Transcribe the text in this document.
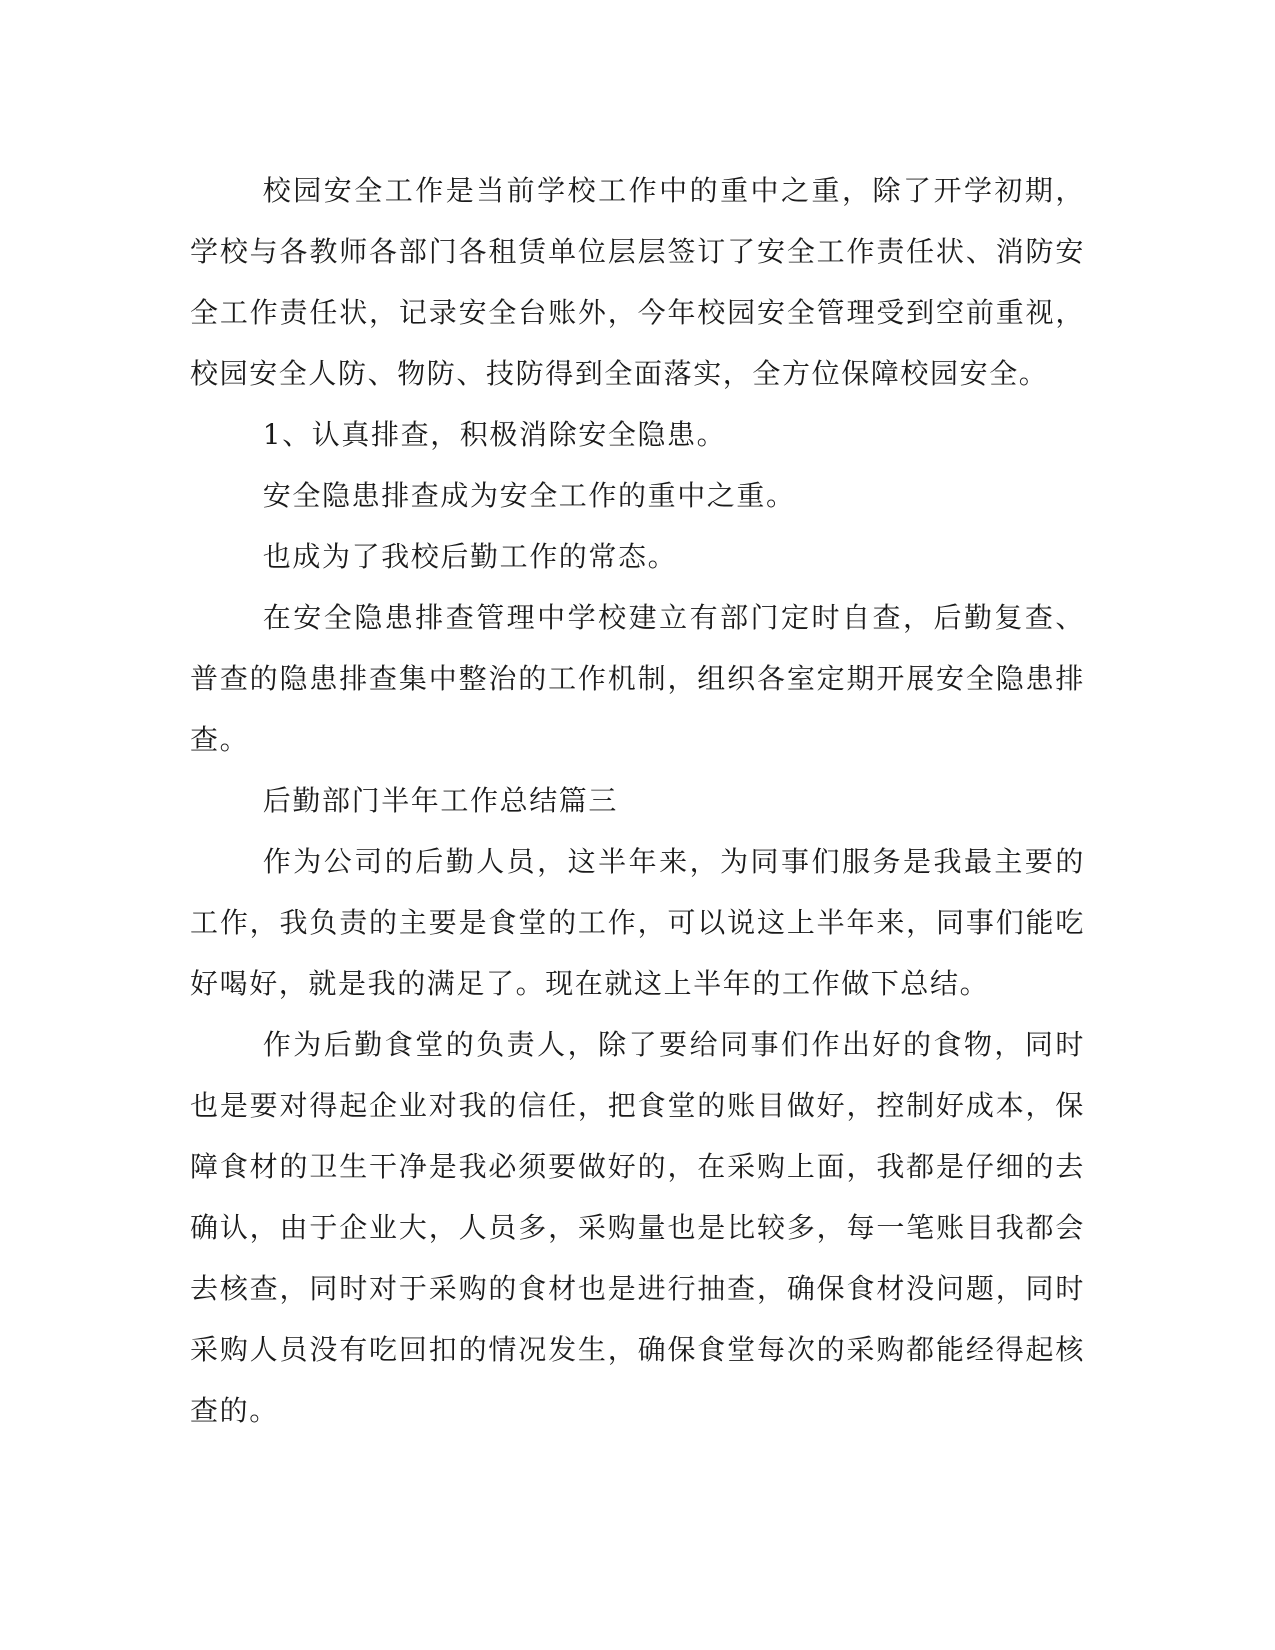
校园安全工作是当前学校工作中的重中之重，除了开学初期，学校与各教师各部门各租赁单位层层签订了安全工作责任状、消防安全工作责任状，记录安全台账外，今年校园安全管理受到空前重视，校园安全人防、物防、技防得到全面落实，全方位保障校园安全。

1、认真排查，积极消除安全隐患。

安全隐患排查成为安全工作的重中之重。

也成为了我校后勤工作的常态。

在安全隐患排查管理中学校建立有部门定时自查，后勤复查、普查的隐患排查集中整治的工作机制，组织各室定期开展安全隐患排查。

后勤部门半年工作总结篇三

作为公司的后勤人员，这半年来，为同事们服务是我最主要的工作，我负责的主要是食堂的工作，可以说这上半年来，同事们能吃好喝好，就是我的满足了。现在就这上半年的工作做下总结。

作为后勤食堂的负责人，除了要给同事们作出好的食物，同时也是要对得起企业对我的信任，把食堂的账目做好，控制好成本，保障食材的卫生干净是我必须要做好的，在采购上面，我都是仔细的去确认，由于企业大，人员多，采购量也是比较多，每一笔账目我都会去核查，同时对于采购的食材也是进行抽查，确保食材没问题，同时采购人员没有吃回扣的情况发生，确保食堂每次的采购都能经得起核查的。
